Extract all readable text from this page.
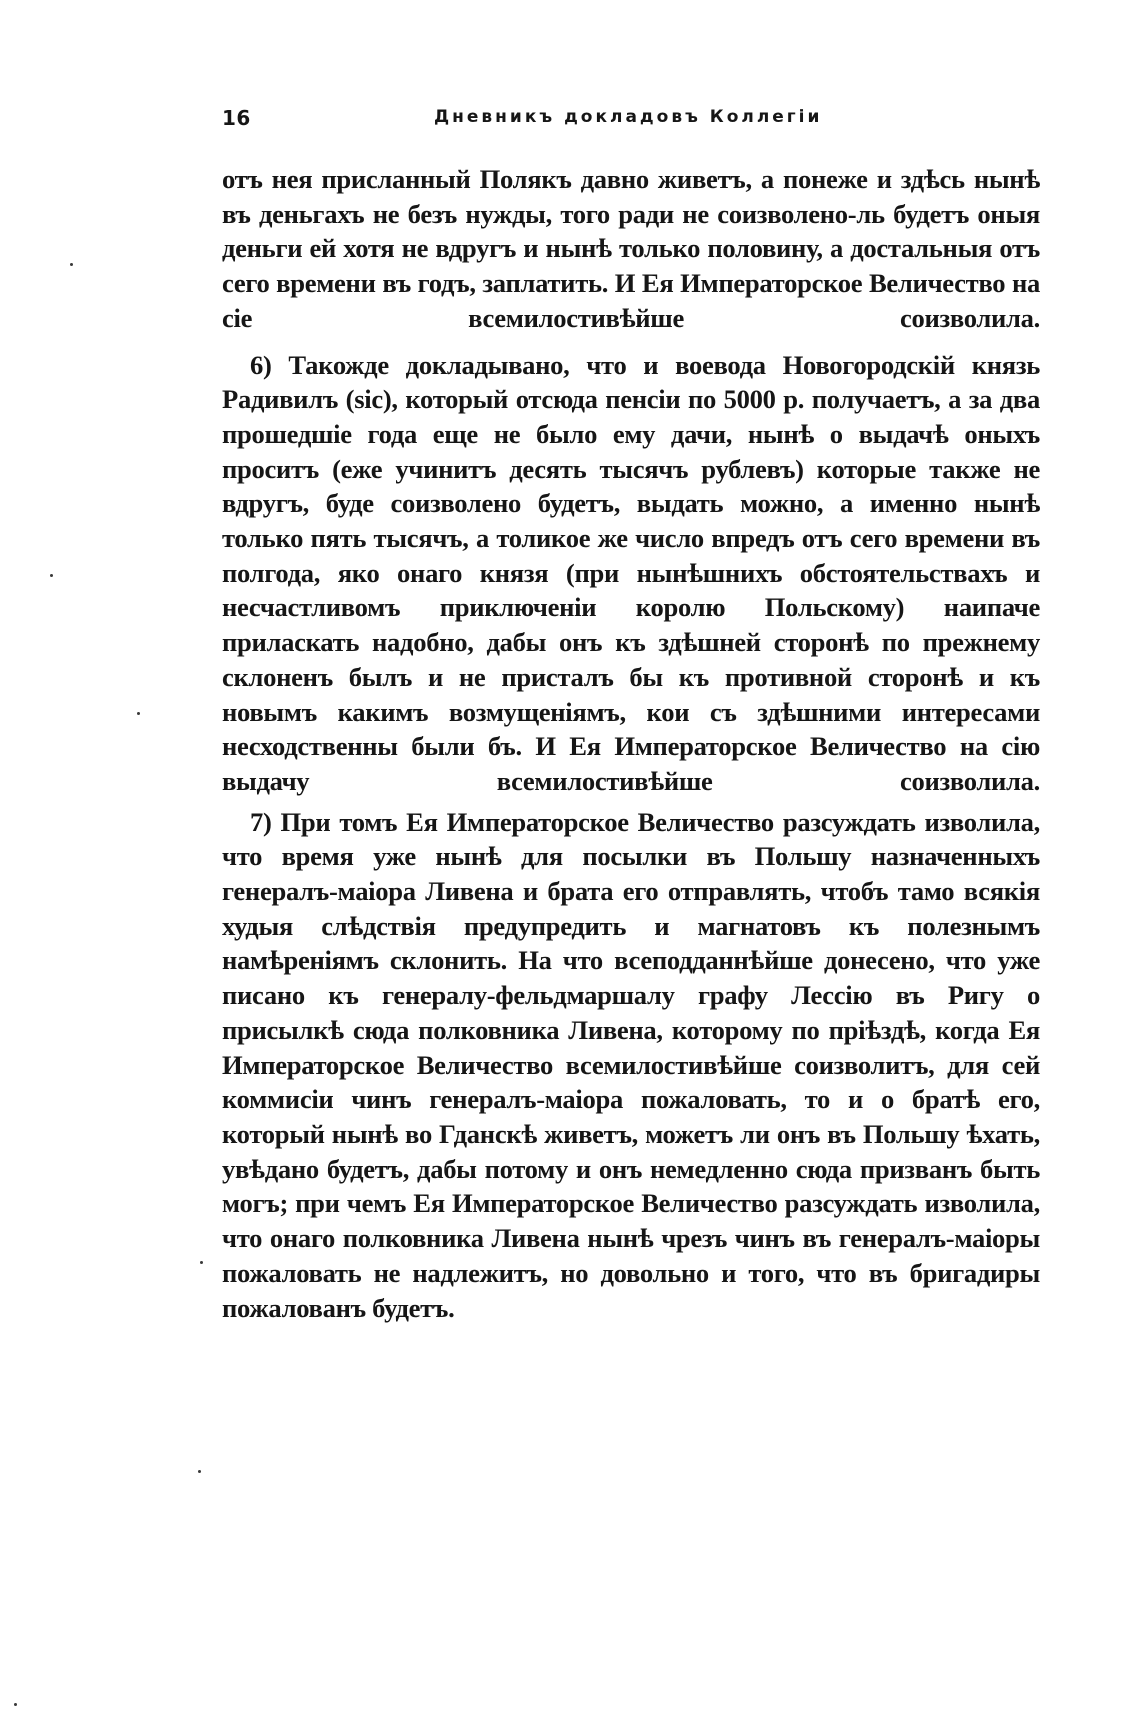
16	Дневникъ докладовъ Коллегіи

отъ нея присланный Полякъ давно живетъ, а понеже и здѣсь нынѣ въ деньгахъ не безъ нужды, того ради не соизволено-ль будетъ оныя деньги ей хотя не вдругъ и нынѣ только половину, а достальныя отъ сего времени въ годъ, заплатить. И Ея Императорское Величество на сіе всемилостивѣйше соизволила.

6) Такожде докладывано, что и воевода Новогородскій князь Радивилъ (sic), который отсюда пенсіи по 5000 р. получаетъ, а за два прошедшіе года еще не было ему дачи, нынѣ о выдачѣ оныхъ проситъ (еже учинитъ десять тысячъ рублевъ) которые также не вдругъ, буде соизволено будетъ, выдать можно, а именно нынѣ только пять тысячъ, а толикое же число впредъ отъ сего времени въ полгода, яко онаго князя (при нынѣшнихъ обстоятельствахъ и несчастливомъ приключеніи королю Польскому) наипаче приласкать надобно, дабы онъ къ здѣшней сторонѣ по прежнему склоненъ былъ и не присталъ бы къ противной сторонѣ и къ новымъ какимъ возмущеніямъ, кои съ здѣшними интересами несходственны были бъ. И Ея Императорское Величество на сію выдачу всемилостивѣйше соизволила.

7) При томъ Ея Императорское Величество разсуждать изволила, что время уже нынѣ для посылки въ Польшу назначенныхъ генералъ-маіора Ливена и брата его отправлять, чтобъ тамо всякія худыя слѣдствія предупредить и магнатовъ къ полезнымъ намѣреніямъ склонить. На что всеподданнѣйше донесено, что уже писано къ генералу-фельдмаршалу графу Лессію въ Ригу о присылкѣ сюда полковника Ливена, которому по пріѣздѣ, когда Ея Императорское Величество всемилостивѣйше соизволитъ, для сей коммисіи чинъ генералъ-маіора пожаловать, то и о братѣ его, который нынѣ во Гданскѣ живетъ, можетъ ли онъ въ Польшу ѣхать, увѣдано будетъ, дабы потому и онъ немедленно сюда призванъ быть могъ; при чемъ Ея Императорское Величество разсуждать изволила, что онаго полковника Ливена нынѣ чрезъ чинъ въ генералъ-маіоры пожаловать не надлежитъ, но довольно и того, что въ бригадиры пожалованъ будетъ.
